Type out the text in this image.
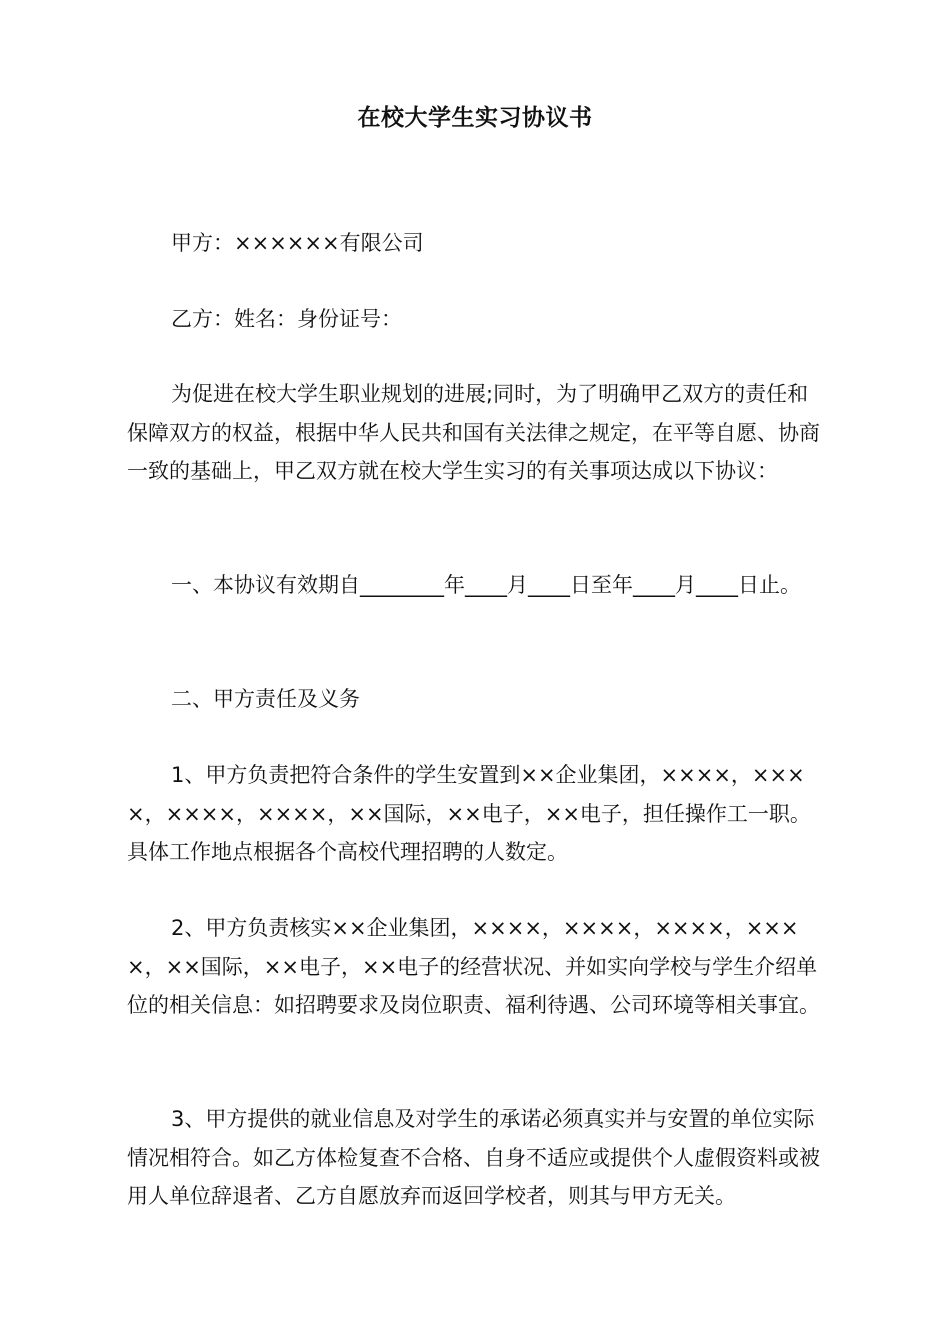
在校大学生实习协议书

甲方：××××××有限公司

乙方：姓名：身份证号：

为促进在校大学生职业规划的进展;同时，为了明确甲乙双方的责任和保障双方的权益，根据中华人民共和国有关法律之规定，在平等自愿、协商一致的基础上，甲乙双方就在校大学生实习的有关事项达成以下协议：

一、本协议有效期自________年____月____日至年____月____日止。

二、甲方责任及义务

1、甲方负责把符合条件的学生安置到××企业集团，××××，××××，××××，××××，××国际，××电子，××电子，担任操作工一职。具体工作地点根据各个高校代理招聘的人数定。

2、甲方负责核实××企业集团，××××，××××，××××，××××，××国际，××电子，××电子的经营状况、并如实向学校与学生介绍单位的相关信息：如招聘要求及岗位职责、福利待遇、公司环境等相关事宜。

3、甲方提供的就业信息及对学生的承诺必须真实并与安置的单位实际情况相符合。如乙方体检复查不合格、自身不适应或提供个人虚假资料或被用人单位辞退者、乙方自愿放弃而返回学校者，则其与甲方无关。
